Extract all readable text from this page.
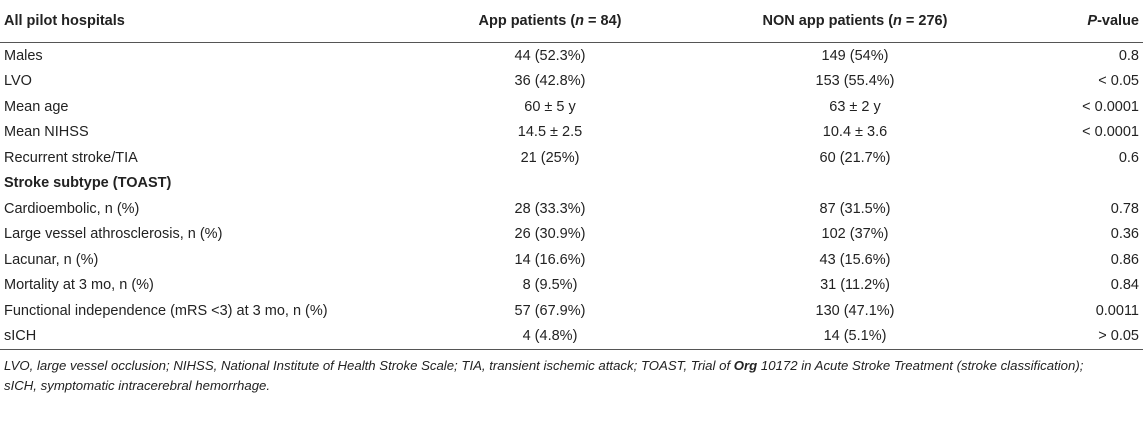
All pilot hospitals	App patients (n = 84)	NON app patients (n = 276)	P-value
Males	44 (52.3%)	149 (54%)	0.8
LVO	36 (42.8%)	153 (55.4%)	< 0.05
Mean age	60 ± 5 y	63 ± 2 y	< 0.0001
Mean NIHSS	14.5 ± 2.5	10.4 ± 3.6	< 0.0001
Recurrent stroke/TIA	21 (25%)	60 (21.7%)	0.6
Stroke subtype (TOAST)			
Cardioembolic, n (%)	28 (33.3%)	87 (31.5%)	0.78
Large vessel athrosclerosis, n (%)	26 (30.9%)	102 (37%)	0.36
Lacunar, n (%)	14 (16.6%)	43 (15.6%)	0.86
Mortality at 3 mo, n (%)	8 (9.5%)	31 (11.2%)	0.84
Functional independence (mRS <3) at 3 mo, n (%)	57 (67.9%)	130 (47.1%)	0.0011
sICH	4 (4.8%)	14 (5.1%)	> 0.05
LVO, large vessel occlusion; NIHSS, National Institute of Health Stroke Scale; TIA, transient ischemic attack; TOAST, Trial of Org 10172 in Acute Stroke Treatment (stroke classification);
sICH, symptomatic intracerebral hemorrhage.
